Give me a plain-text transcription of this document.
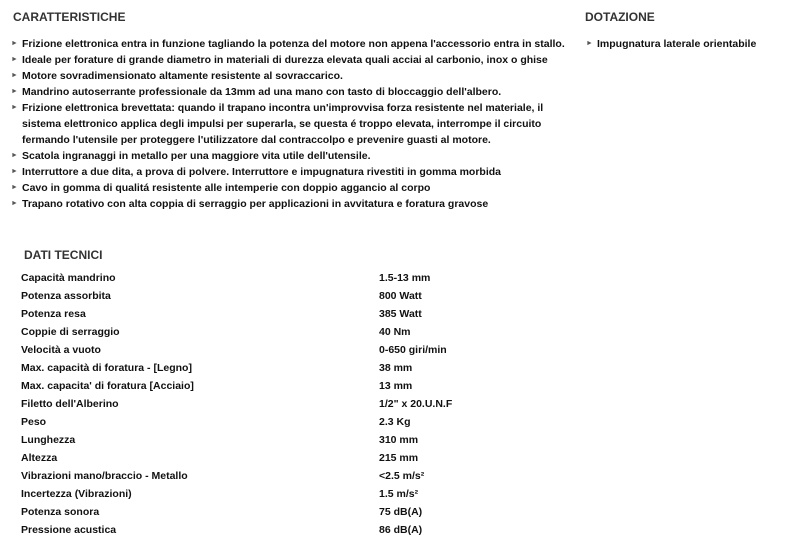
CARATTERISTICHE
► Frizione elettronica entra in funzione tagliando la potenza del motore non appena l'accessorio entra in stallo.
► Ideale per forature di grande diametro in materiali di durezza elevata quali acciai al carbonio, inox o ghise
► Motore sovradimensionato altamente resistente al sovraccarico.
► Mandrino autoserrante professionale da 13mm ad una mano con tasto di bloccaggio dell'albero.
► Frizione elettronica brevettata: quando il trapano incontra un'improvvisa forza resistente nel materiale, il sistema elettronico applica degli impulsi per superarla, se questa é troppo elevata, interrompe il circuito fermando l'utensile per proteggere l'utilizzatore dal contraccolpo e prevenire guasti al motore.
► Scatola ingranaggi in metallo per una maggiore vita utile dell'utensile.
► Interruttore a due dita, a prova di polvere. Interruttore e impugnatura rivestiti in gomma morbida
► Cavo in gomma di qualitá resistente alle intemperie con doppio aggancio al corpo
► Trapano rotativo con alta coppia di serraggio per applicazioni in avvitatura e foratura gravose
DOTAZIONE
► Impugnatura laterale orientabile
DATI TECNICI
Capacità mandrino	1.5-13 mm
Potenza assorbita	800 Watt
Potenza resa	385 Watt
Coppie di serraggio	40 Nm
Velocità a vuoto	0-650 giri/min
Max. capacità di foratura - [Legno]	38 mm
Max. capacita' di foratura [Acciaio]	13 mm
Filetto dell'Alberino	1/2" x 20.U.N.F
Peso	2.3 Kg
Lunghezza	310 mm
Altezza	215 mm
Vibrazioni mano/braccio - Metallo	<2.5 m/s²
Incertezza (Vibrazioni)	1.5 m/s²
Potenza sonora	75 dB(A)
Pressione acustica	86 dB(A)
